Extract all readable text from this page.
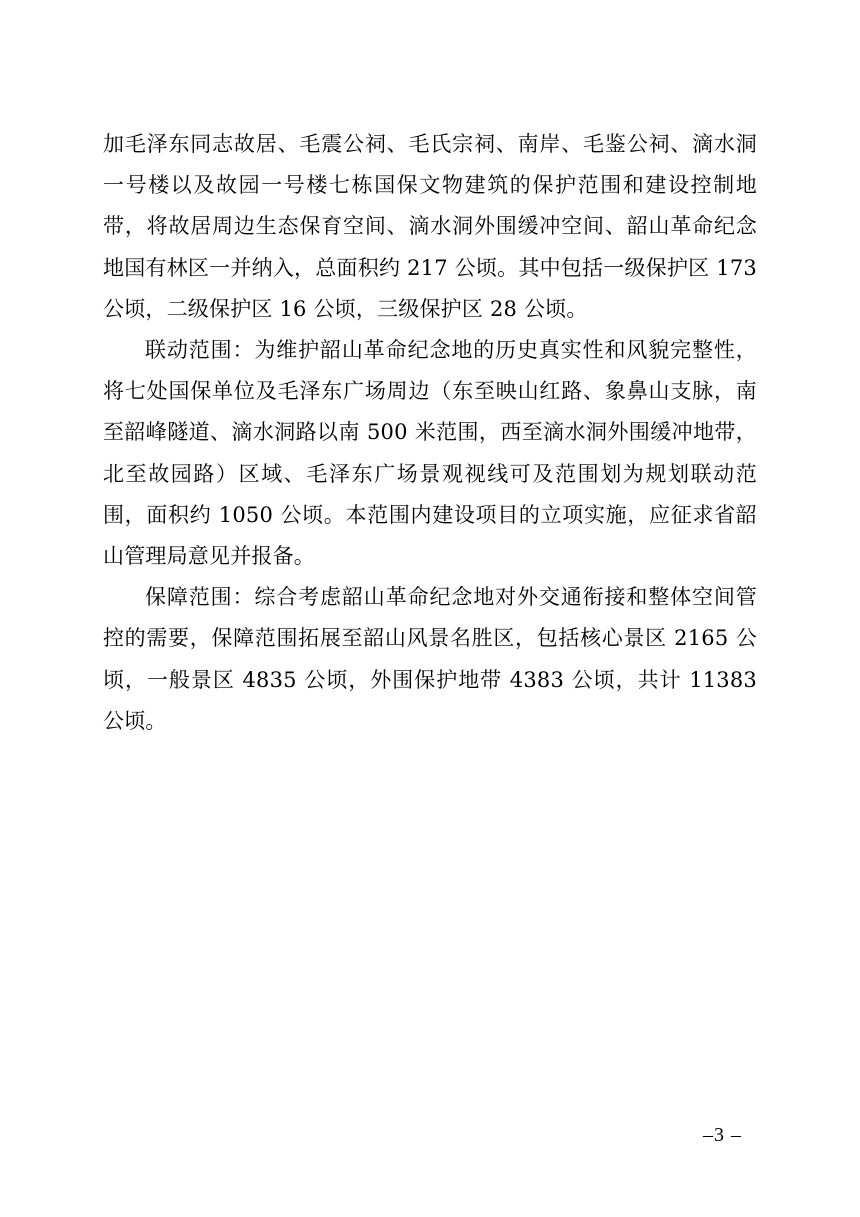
加毛泽东同志故居、毛震公祠、毛氏宗祠、南岸、毛鉴公祠、滴水洞一号楼以及故园一号楼七栋国保文物建筑的保护范围和建设控制地带，将故居周边生态保育空间、滴水洞外围缓冲空间、韶山革命纪念地国有林区一并纳入，总面积约 217 公顷。其中包括一级保护区 173 公顷，二级保护区 16 公顷，三级保护区 28 公顷。

联动范围：为维护韶山革命纪念地的历史真实性和风貌完整性，将七处国保单位及毛泽东广场周边（东至映山红路、象鼻山支脉，南至韶峰隧道、滴水洞路以南 500 米范围，西至滴水洞外围缓冲地带，北至故园路）区域、毛泽东广场景观视线可及范围划为规划联动范围，面积约 1050 公顷。本范围内建设项目的立项实施，应征求省韶山管理局意见并报备。

保障范围：综合考虑韶山革命纪念地对外交通衔接和整体空间管控的需要，保障范围拓展至韶山风景名胜区，包括核心景区 2165 公顷，一般景区 4835 公顷，外围保护地带 4383 公顷，共计 11383 公顷。

–3 –
